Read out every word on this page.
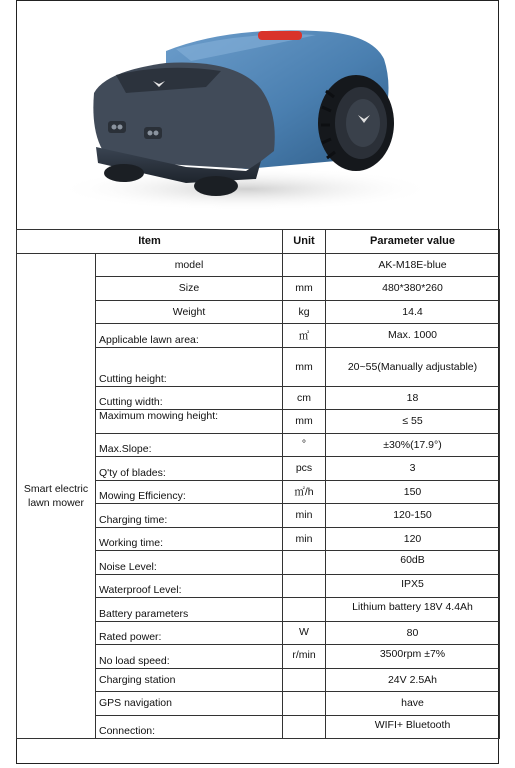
Item		Unit	Parameter value
Smart electric lawn mower	model		AK-M18E-blue
	Size	mm	480*380*260
	Weight	kg	14.4
	Applicable lawn area:	㎡	Max. 1000
	Cutting height:	mm	20~55(Manually adjustable)
	Cutting width:	cm	18
	Maximum mowing height:	mm	≤ 55
	Max.Slope:	°	±30%(17.9°)
	Q'ty of blades:	pcs	3
	Mowing Efficiency:	㎡/h	150
	Charging time:	min	120-150
	Working time:	min	120
	Noise Level:		60dB
	Waterproof Level:		IPX5
	Battery parameters		Lithium battery 18V 4.4Ah
	Rated power:	W	80
	No load speed:	r/min	3500rpm ±7%
	Charging station		24V 2.5Ah
	GPS navigation		have
	Connection:		WIFI+ Bluetooth
